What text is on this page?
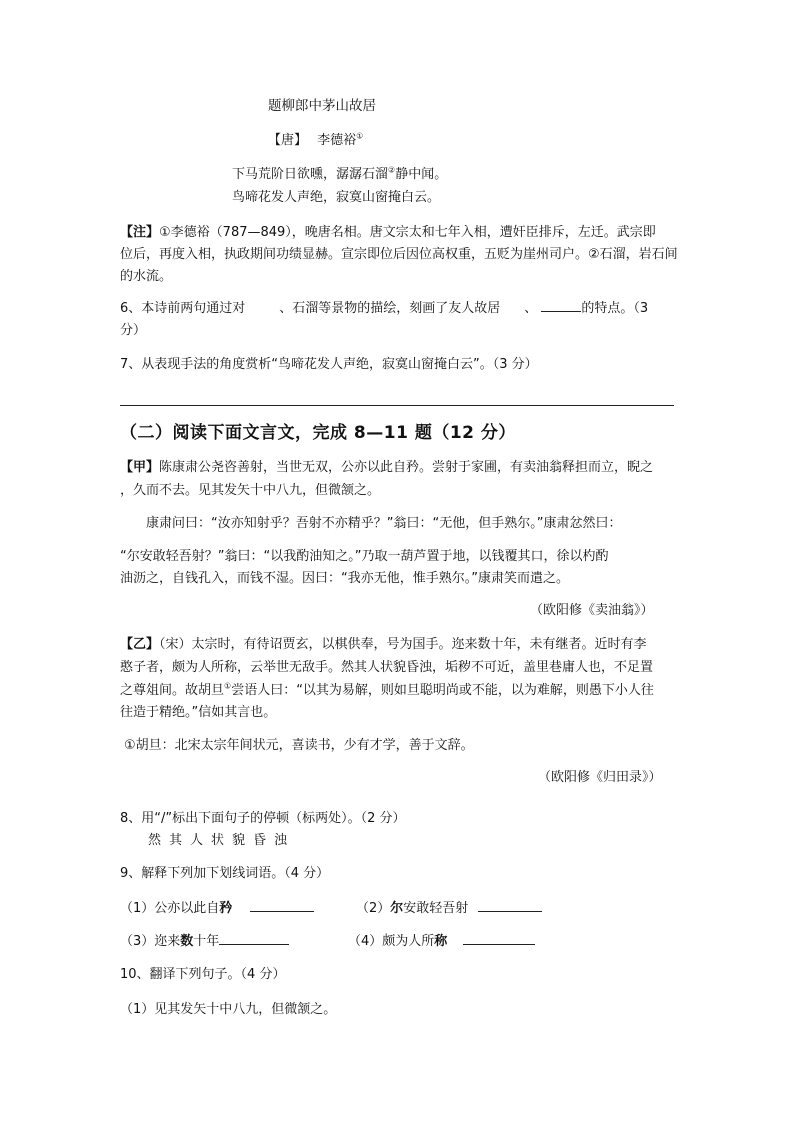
题柳郎中茅山故居
【唐】 李德裕①
下马荒阶日欲曛，潺潺石溜②静中闻。
鸟啼花发人声绝，寂寞山窗掩白云。
【注】①李德裕（787—849），晚唐名相。唐文宗太和七年入相，遭奸臣排斥，左迁。武宗即
位后，再度入相，执政期间功绩显赫。宣宗即位后因位高权重，五贬为崖州司户。②石溜，岩石间
的水流。
6、本诗前两句通过对	、石溜等景物的描绘，刻画了友人故居 、	的特点。（3
分）
7、从表现手法的角度赏析“鸟啼花发人声绝，寂寞山窗掩白云”。（3 分）
（二）阅读下面文言文，完成 8—11 题（12 分）
【甲】陈康肃公尧咨善射，当世无双，公亦以此自矜。尝射于家圃，有卖油翁释担而立，睨之
，久而不去。见其发矢十中八九，但微颔之。
康肃问曰：“汝亦知射乎？吾射不亦精乎？”翁曰：“无他，但手熟尔。”康肃忿然曰：
“尔安敢轻吾射？”翁曰：“以我酌油知之。”乃取一葫芦置于地，以钱覆其口，徐以杓酌
油沥之，自钱孔入，而钱不湿。因曰：“我亦无他，惟手熟尔。”康肃笑而遣之。
（欧阳修《卖油翁》）
【乙】（宋）太宗时，有待诏贾玄，以棋供奉，号为国手。迩来数十年，未有继者。近时有李
憨子者，颇为人所称，云举世无敌手。然其人状貌昏浊，垢秽不可近，盖里巷庸人也，不足置
之尊俎间。故胡旦①尝语人曰：“以其为易解，则如旦聪明尚或不能，以为难解，则愚下小人往
往造于精绝。”信如其言也。
①胡旦：北宋太宗年间状元，喜读书，少有才学，善于文辞。
（欧阳修《归田录》）
8、用“/”标出下面句子的停顿（标两处）。（2 分）
然其人状貌昏浊
9、解释下列加下划线词语。（4 分）
（1）公亦以此自矜	（2）尔安敢轻吾射
（3）迩来数十年	（4）颇为人所称
10、翻译下列句子。（4 分）
（1）见其发矢十中八九，但微颔之。
